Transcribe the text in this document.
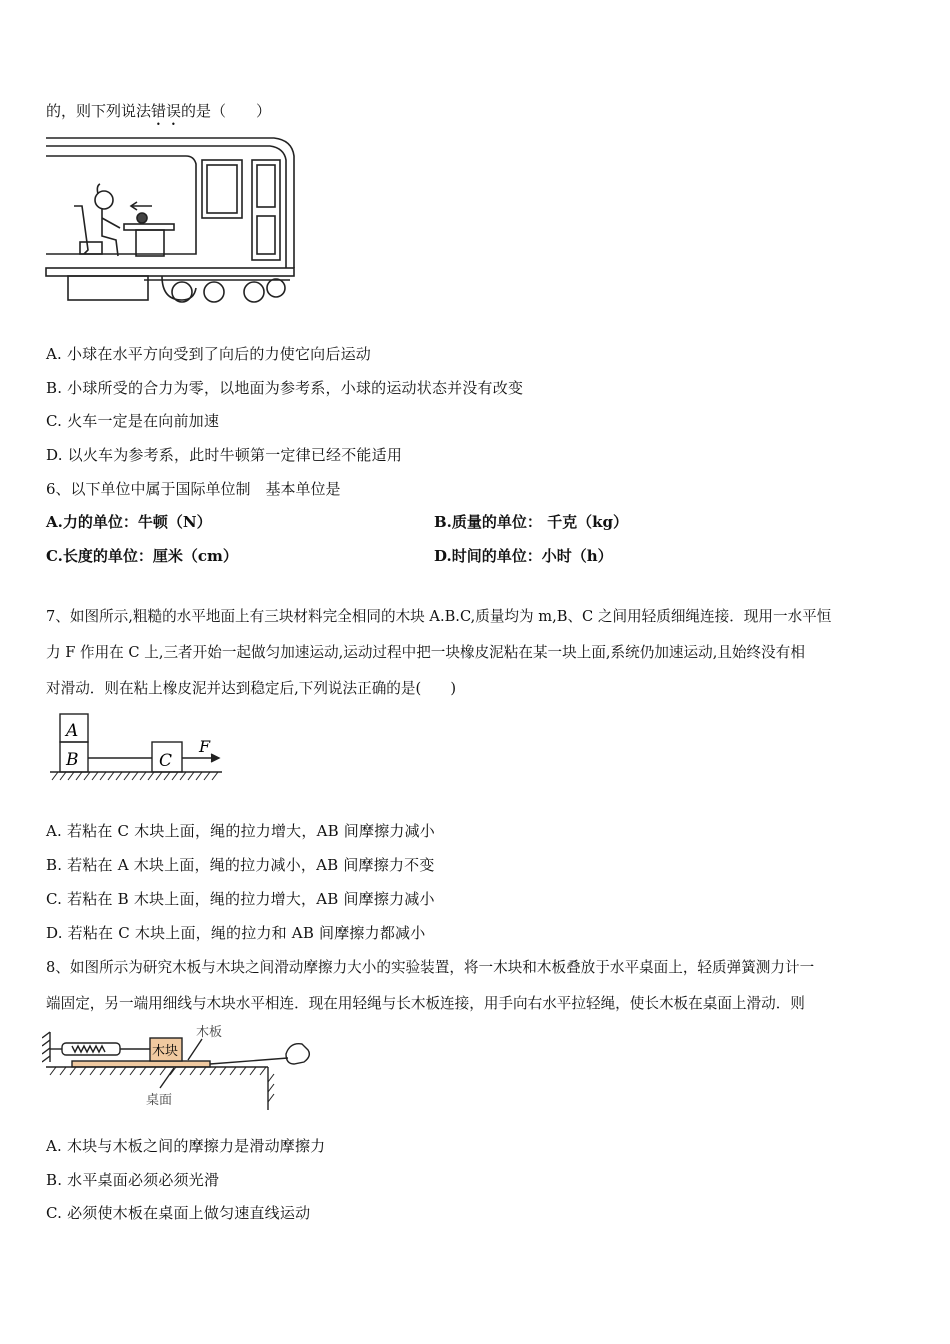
的，则下列说法错误的是（　　）
A. 小球在水平方向受到了向后的力使它向后运动
B. 小球所受的合力为零，以地面为参考系，小球的运动状态并没有改变
C. 火车一定是在向前加速
D. 以火车为参考系，此时牛顿第一定律已经不能适用
6、以下单位中属于国际单位制　基本单位是
A.力的单位：牛顿（N）	B.质量的单位： 千克（kg）
C.长度的单位：厘米（cm）	D.时间的单位：小时（h）
7、如图所示,粗糙的水平地面上有三块材料完全相同的木块 A.B.C,质量均为 m,B、C 之间用轻质细绳连接．现用一水平恒
力 F 作用在 C 上,三者开始一起做匀加速运动,运动过程中把一块橡皮泥粘在某一块上面,系统仍加速运动,且始终没有相
对滑动．则在粘上橡皮泥并达到稳定后,下列说法正确的是(　　)
A
B	C
F
A. 若粘在 C 木块上面，绳的拉力增大，AB 间摩擦力减小
B. 若粘在 A 木块上面，绳的拉力减小，AB 间摩擦力不变
C. 若粘在 B 木块上面，绳的拉力增大，AB 间摩擦力减小
D. 若粘在 C 木块上面，绳的拉力和 AB 间摩擦力都减小
8、如图所示为研究木板与木块之间滑动摩擦力大小的实验装置，将一木块和木板叠放于水平桌面上，轻质弹簧测力计一
端固定，另一端用细线与木块水平相连．现在用轻绳与长木板连接，用手向右水平拉轻绳，使长木板在桌面上滑动．则
木块
木板
桌面
A. 木块与木板之间的摩擦力是滑动摩擦力
B. 水平桌面必须必须光滑
C. 必须使木板在桌面上做匀速直线运动
